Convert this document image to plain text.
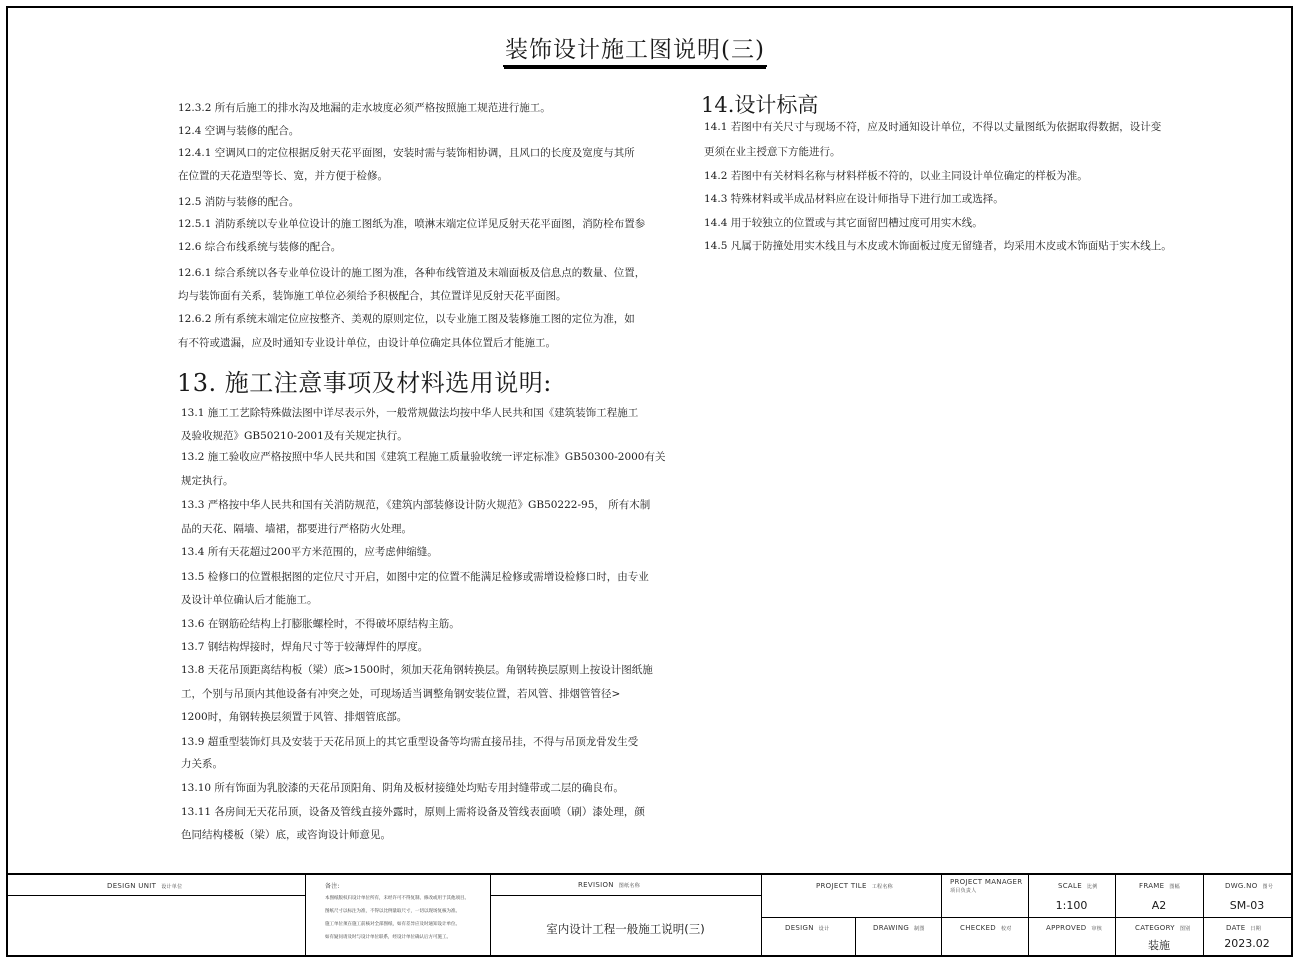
装饰设计施工图说明(三)
12.3.2 所有后施工的排水沟及地漏的走水坡度必须严格按照施工规范进行施工。
12.4 空调与装修的配合。
12.4.1 空调风口的定位根据反射天花平面图，安装时需与装饰相协调，且风口的长度及宽度与其所
在位置的天花造型等长、宽，并方便于检修。
12.5 消防与装修的配合。
12.5.1 消防系统以专业单位设计的施工图纸为准，喷淋末端定位详见反射天花平面图，消防栓布置参
12.6 综合布线系统与装修的配合。
12.6.1 综合系统以各专业单位设计的施工图为准，各种布线管道及末端面板及信息点的数量、位置，
均与装饰面有关系，装饰施工单位必须给予积极配合，其位置详见反射天花平面图。
12.6.2 所有系统末端定位应按整齐、美观的原则定位，以专业施工图及装修施工图的定位为准，如
有不符或遗漏，应及时通知专业设计单位，由设计单位确定具体位置后才能施工。
13. 施工注意事项及材料选用说明:
13.1 施工工艺除特殊做法图中详尽表示外，一般常规做法均按中华人民共和国《建筑装饰工程施工
及验收规范》GB50210-2001及有关规定执行。
13.2 施工验收应严格按照中华人民共和国《建筑工程施工质量验收统一评定标准》GB50300-2000有关
规定执行。
13.3 严格按中华人民共和国有关消防规范，《建筑内部装修设计防火规范》GB50222-95， 所有木制
品的天花、隔墙、墙裙，都要进行严格防火处理。
13.4 所有天花超过200平方米范围的，应考虑伸缩缝。
13.5 检修口的位置根据图的定位尺寸开启，如图中定的位置不能满足检修或需增设检修口时，由专业
及设计单位确认后才能施工。
13.6 在钢筋砼结构上打膨胀螺栓时，不得破坏原结构主筋。
13.7 钢结构焊接时，焊角尺寸等于较薄焊件的厚度。
13.8 天花吊顶距离结构板（梁）底>1500时，须加天花角钢转换层。角钢转换层原则上按设计图纸施
工，个别与吊顶内其他设备有冲突之处，可现场适当调整角钢安装位置，若风管、排烟管管径>
1200时，角钢转换层须置于风管、排烟管底部。
13.9 超重型装饰灯具及安装于天花吊顶上的其它重型设备等均需直接吊挂，不得与吊顶龙骨发生受
力关系。
13.10 所有饰面为乳胶漆的天花吊顶阳角、阴角及板材接缝处均贴专用封缝带或二层的确良布。
13.11 各房间无天花吊顶，设备及管线直接外露时，原则上需将设备及管线表面喷（刷）漆处理，颜
色同结构楼板（梁）底，或咨询设计师意见。
14.设计标高
14.1 若图中有关尺寸与现场不符，应及时通知设计单位，不得以丈量图纸为依据取得数据，设计变
更须在业主授意下方能进行。
14.2 若图中有关材料名称与材料样板不符的，以业主同设计单位确定的样板为准。
14.3 特殊材料或半成品材料应在设计师指导下进行加工或选择。
14.4 用于较独立的位置或与其它面留凹槽过度可用实木线。
14.5 凡属于防撞处用实木线且与木皮或木饰面板过度无留缝者，均采用木皮或木饰面贴于实木线上。
DESIGN UNIT 设计单位	备注:
本图纸版权归设计单位所有，未经许可不得复制、修改或用于其他项目。
图纸尺寸以标注为准，不得以比例量取尺寸，一切以现场复核为准。
施工单位须在施工前核对全部图纸，如有差异应及时通知设计单位。
如有疑问请及时与设计单位联系，经设计单位确认后方可施工。
REVISION 图纸名称
室内设计工程一般施工说明(三)
PROJECT TILE 工程名称
PROJECT MANAGER
项目负责人
SCALE 比例
1:100
FRAME 图幅
A2
DWG.NO 图号
SM-03
DESIGN 设计	DRAWING 制图	CHECKED 校对	APPROVED 审核	CATEGORY 图别
装施
DATE 日期
2023.02
